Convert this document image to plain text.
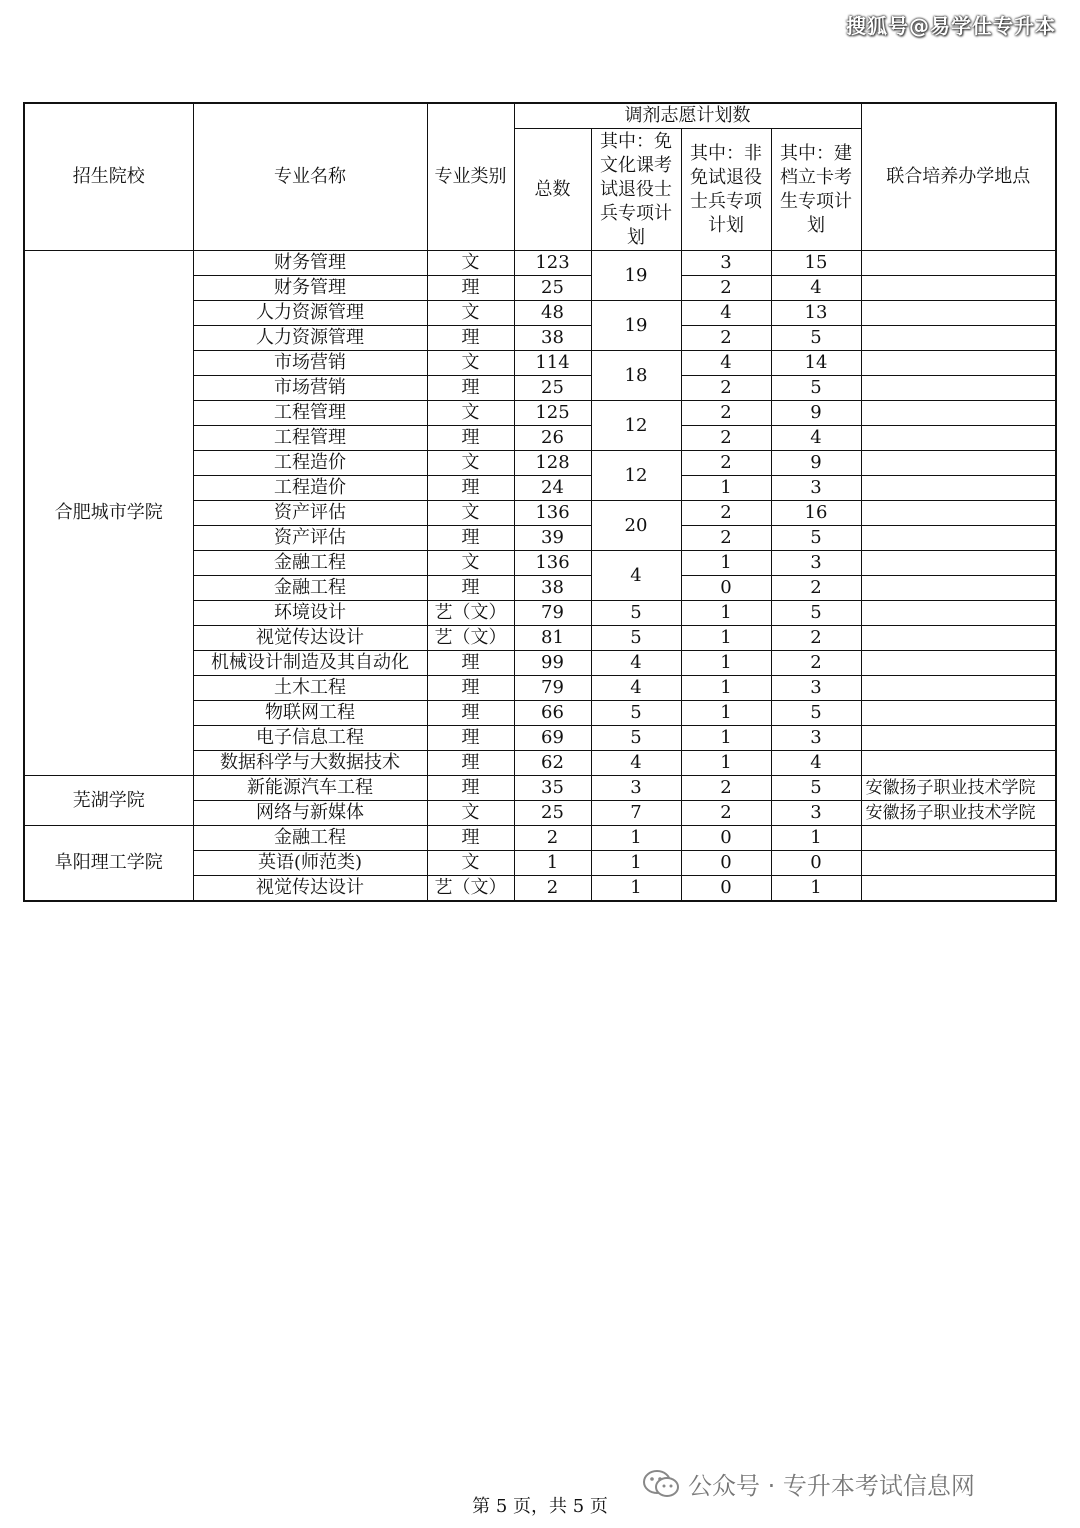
搜狐号@易学仕专升本
招生院校	专业名称	专业类别	调剂志愿计划数				联合培养办学地点
			总数	其中：免文化课考试退役士兵专项计划	其中：非免试退役士兵专项计划	其中：建档立卡考生专项计划	
合肥城市学院	财务管理	文	123	19	3	15	
	财务管理	理	25		2	4	
	人力资源管理	文	48	19	4	13	
	人力资源管理	理	38		2	5	
	市场营销	文	114	18	4	14	
	市场营销	理	25		2	5	
	工程管理	文	125	12	2	9	
	工程管理	理	26		2	4	
	工程造价	文	128	12	2	9	
	工程造价	理	24		1	3	
	资产评估	文	136	20	2	16	
	资产评估	理	39		2	5	
	金融工程	文	136	4	1	3	
	金融工程	理	38		0	2	
	环境设计	艺（文）	79	5	1	5	
	视觉传达设计	艺（文）	81	5	1	2	
	机械设计制造及其自动化	理	99	4	1	2	
	土木工程	理	79	4	1	3	
	物联网工程	理	66	5	1	5	
	电子信息工程	理	69	5	1	3	
	数据科学与大数据技术	理	62	4	1	4	
芜湖学院	新能源汽车工程	理	35	3	2	5	安徽扬子职业技术学院
	网络与新媒体	文	25	7	2	3	安徽扬子职业技术学院
阜阳理工学院	金融工程	理	2	1	0	1	
	英语(师范类)	文	1	1	0	0	
	视觉传达设计	艺（文）	2	1	0	1	
公众号 · 专升本考试信息网
第 5 页，共 5 页
